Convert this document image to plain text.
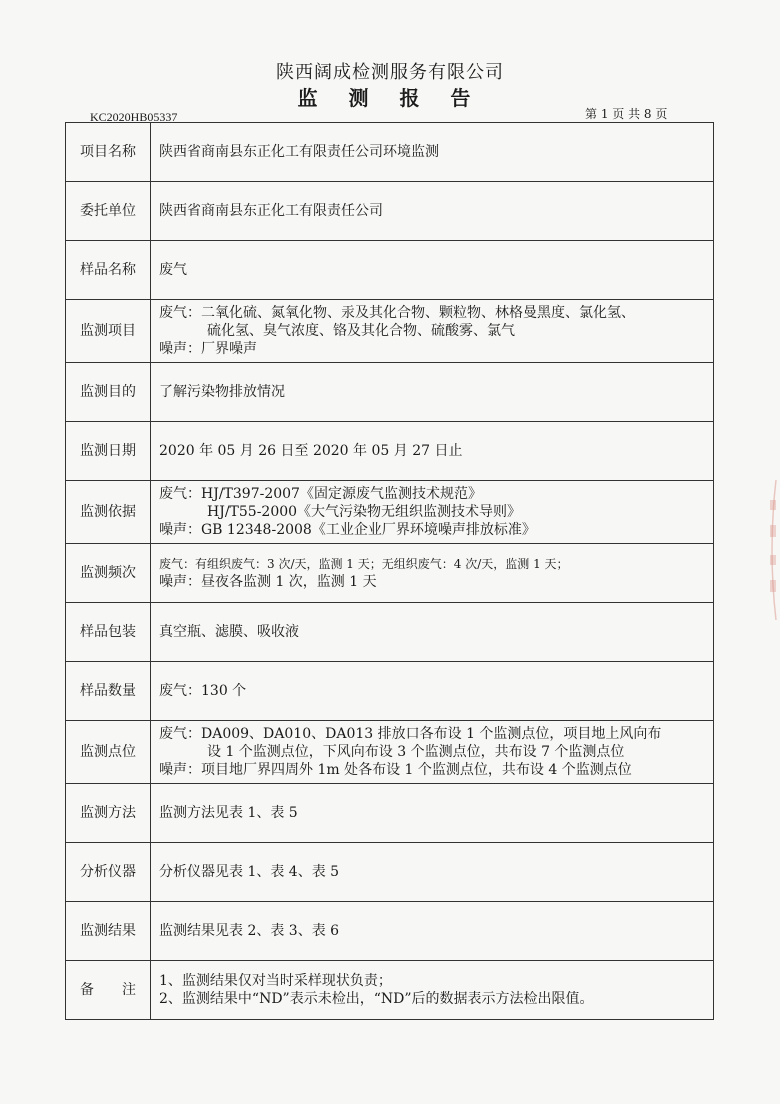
陕西阔成检测服务有限公司
监 测 报 告
KC2020HB05337	第 1 页 共 8 页
项目名称	陕西省商南县东正化工有限责任公司环境监测

委托单位	陕西省商南县东正化工有限责任公司

样品名称	废气

监测项目	废气：二氧化硫、氮氧化物、汞及其化合物、颗粒物、林格曼黑度、氯化氢、
硫化氢、臭气浓度、铬及其化合物、硫酸雾、氯气
噪声：厂界噪声

监测目的	了解污染物排放情况

监测日期	2020 年 05 月 26 日至 2020 年 05 月 27 日止

监测依据	废气：HJ/T397-2007《固定源废气监测技术规范》
HJ/T55-2000《大气污染物无组织监测技术导则》
噪声：GB 12348-2008《工业企业厂界环境噪声排放标准》

监测频次	废气：有组织废气：3 次/天，监测 1 天；无组织废气：4 次/天，监测 1 天；
噪声：昼夜各监测 1 次，监测 1 天

样品包装	真空瓶、滤膜、吸收液

样品数量	废气：130 个

监测点位	废气：DA009、DA010、DA013 排放口各布设 1 个监测点位，项目地上风向布
设 1 个监测点位，下风向布设 3 个监测点位，共布设 7 个监测点位
噪声：项目地厂界四周外 1m 处各布设 1 个监测点位，共布设 4 个监测点位

监测方法	监测方法见表 1、表 5

分析仪器	分析仪器见表 1、表 4、表 5

监测结果	监测结果见表 2、表 3、表 6

备　　注	1、监测结果仅对当时采样现状负责；
2、监测结果中“ND”表示未检出，“ND”后的数据表示方法检出限值。
